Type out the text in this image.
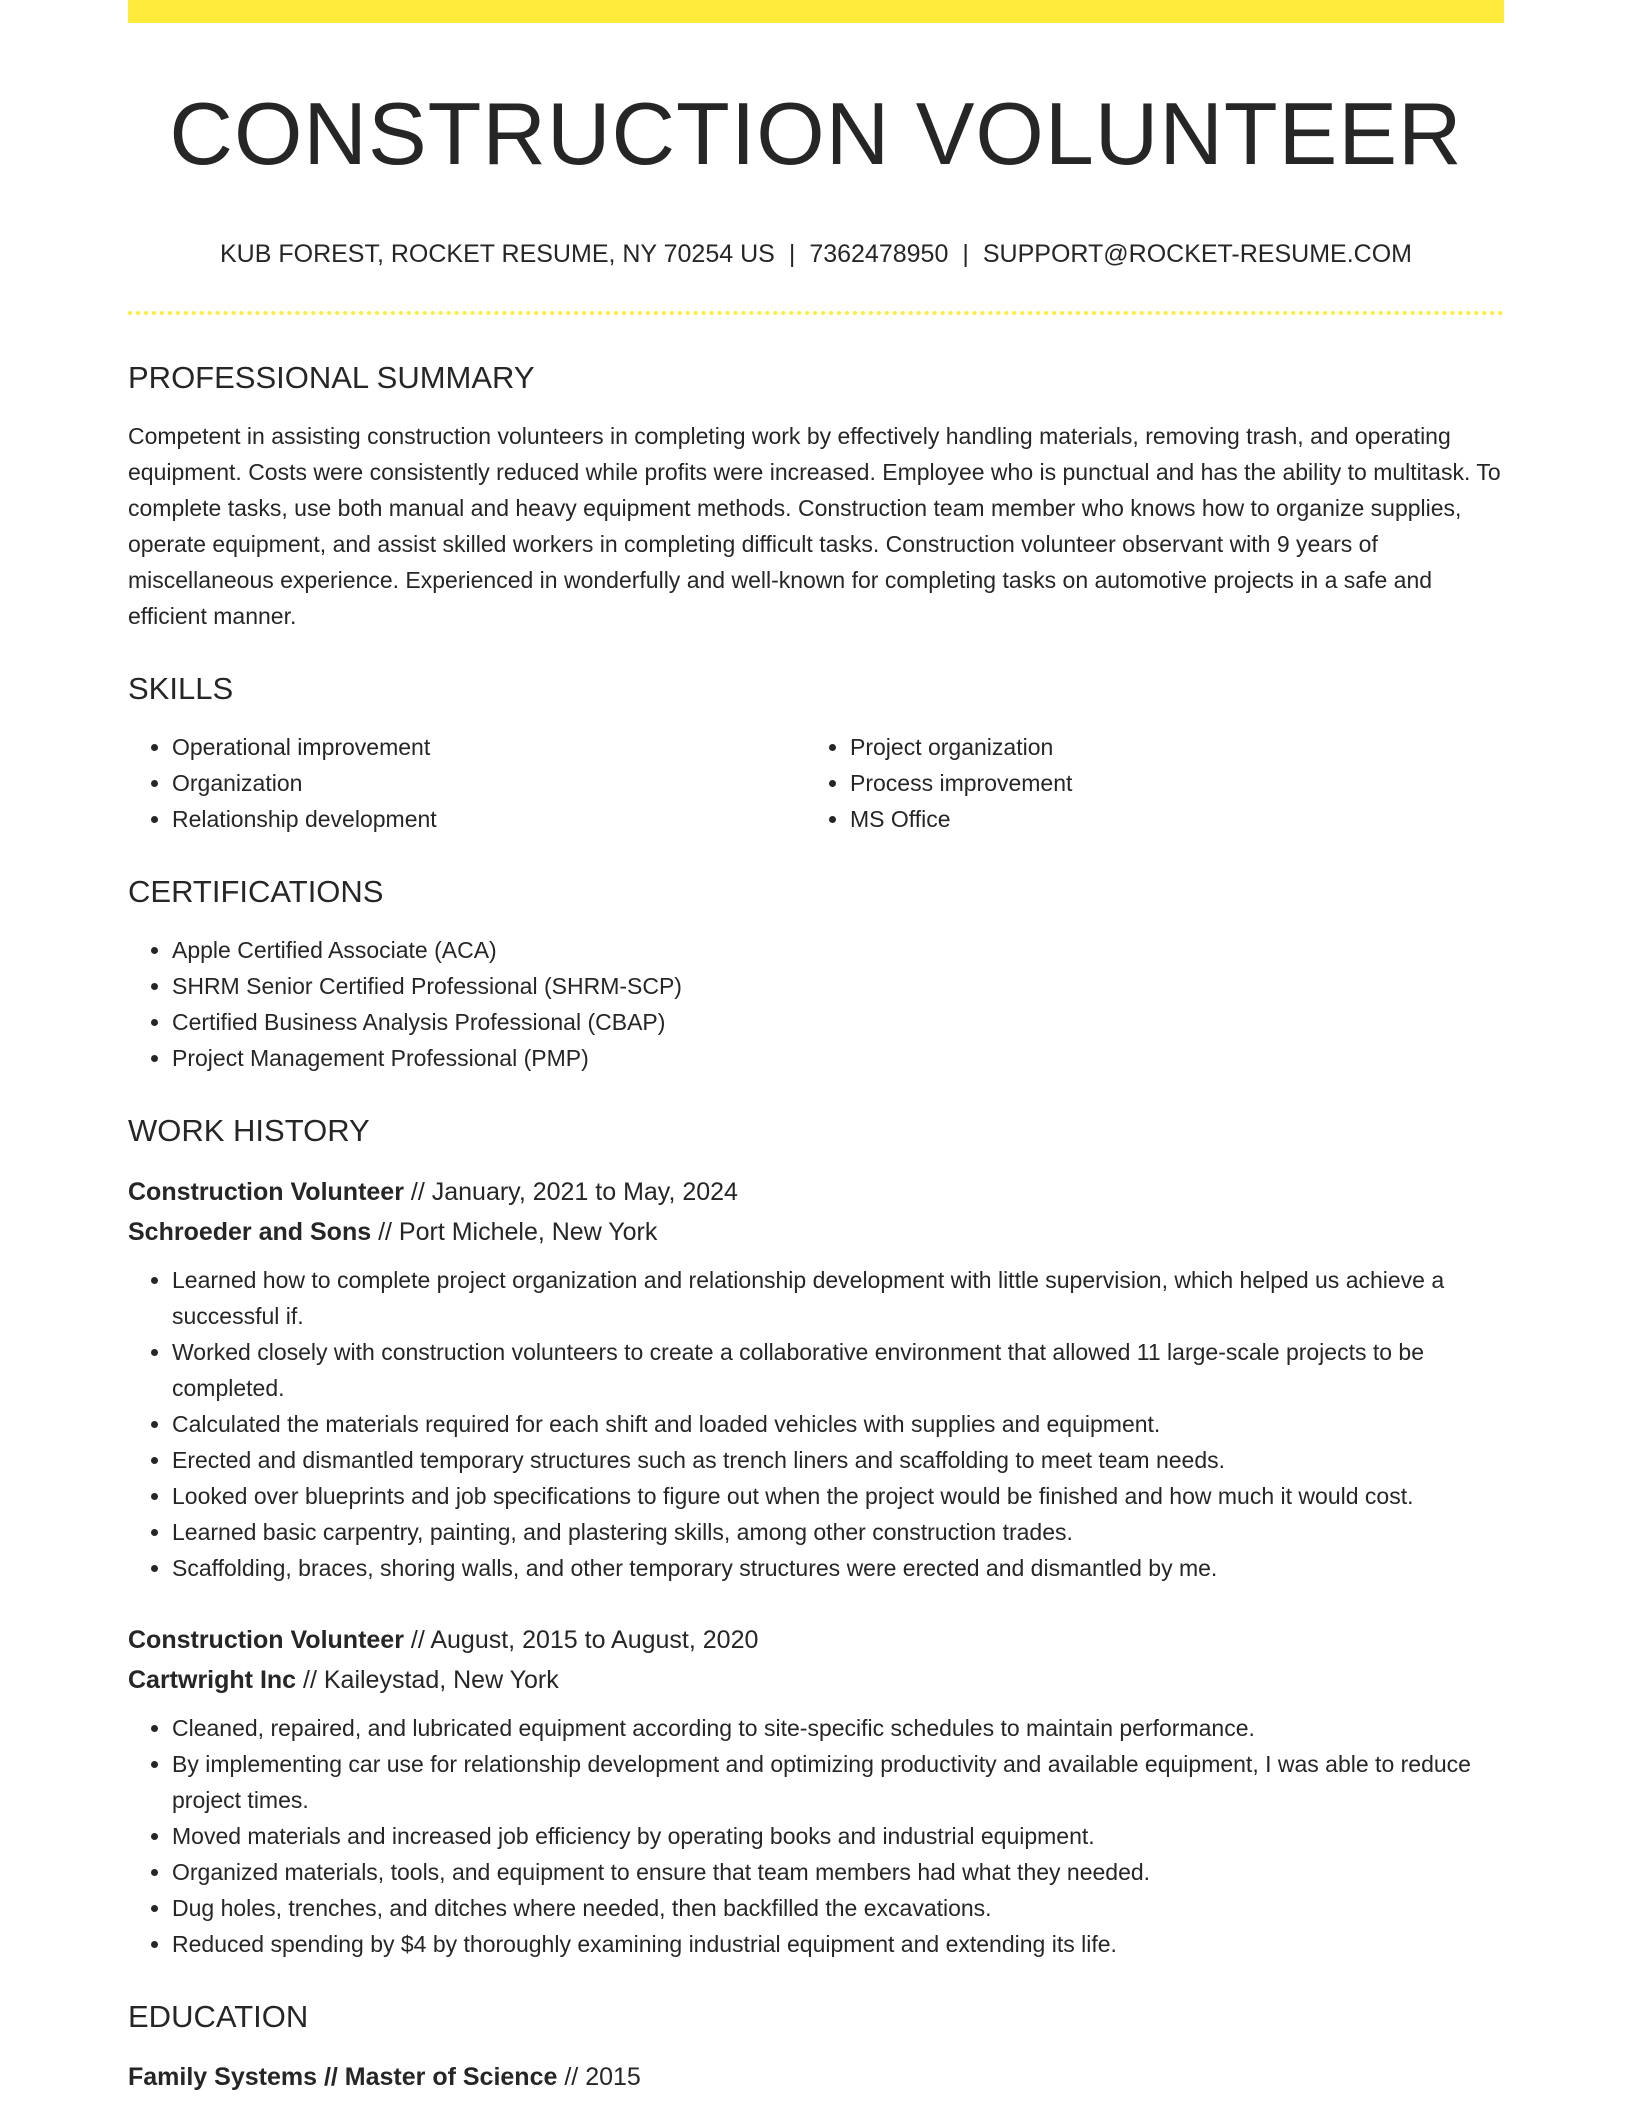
CONSTRUCTION VOLUNTEER
KUB FOREST, ROCKET RESUME, NY 70254 US | 7362478950 | SUPPORT@ROCKET-RESUME.COM
PROFESSIONAL SUMMARY
Competent in assisting construction volunteers in completing work by effectively handling materials, removing trash, and operating equipment. Costs were consistently reduced while profits were increased. Employee who is punctual and has the ability to multitask. To complete tasks, use both manual and heavy equipment methods. Construction team member who knows how to organize supplies, operate equipment, and assist skilled workers in completing difficult tasks. Construction volunteer observant with 9 years of miscellaneous experience. Experienced in wonderfully and well-known for completing tasks on automotive projects in a safe and efficient manner.
SKILLS
• Operational improvement
• Organization
• Relationship development
• Project organization
• Process improvement
• MS Office
CERTIFICATIONS
• Apple Certified Associate (ACA)
• SHRM Senior Certified Professional (SHRM-SCP)
• Certified Business Analysis Professional (CBAP)
• Project Management Professional (PMP)
WORK HISTORY
Construction Volunteer // January, 2021 to May, 2024
Schroeder and Sons // Port Michele, New York
• Learned how to complete project organization and relationship development with little supervision, which helped us achieve a successful if.
• Worked closely with construction volunteers to create a collaborative environment that allowed 11 large-scale projects to be completed.
• Calculated the materials required for each shift and loaded vehicles with supplies and equipment.
• Erected and dismantled temporary structures such as trench liners and scaffolding to meet team needs.
• Looked over blueprints and job specifications to figure out when the project would be finished and how much it would cost.
• Learned basic carpentry, painting, and plastering skills, among other construction trades.
• Scaffolding, braces, shoring walls, and other temporary structures were erected and dismantled by me.
Construction Volunteer // August, 2015 to August, 2020
Cartwright Inc // Kaileystad, New York
• Cleaned, repaired, and lubricated equipment according to site-specific schedules to maintain performance.
• By implementing car use for relationship development and optimizing productivity and available equipment, I was able to reduce project times.
• Moved materials and increased job efficiency by operating books and industrial equipment.
• Organized materials, tools, and equipment to ensure that team members had what they needed.
• Dug holes, trenches, and ditches where needed, then backfilled the excavations.
• Reduced spending by $4 by thoroughly examining industrial equipment and extending its life.
EDUCATION
Family Systems // Master of Science // 2015
